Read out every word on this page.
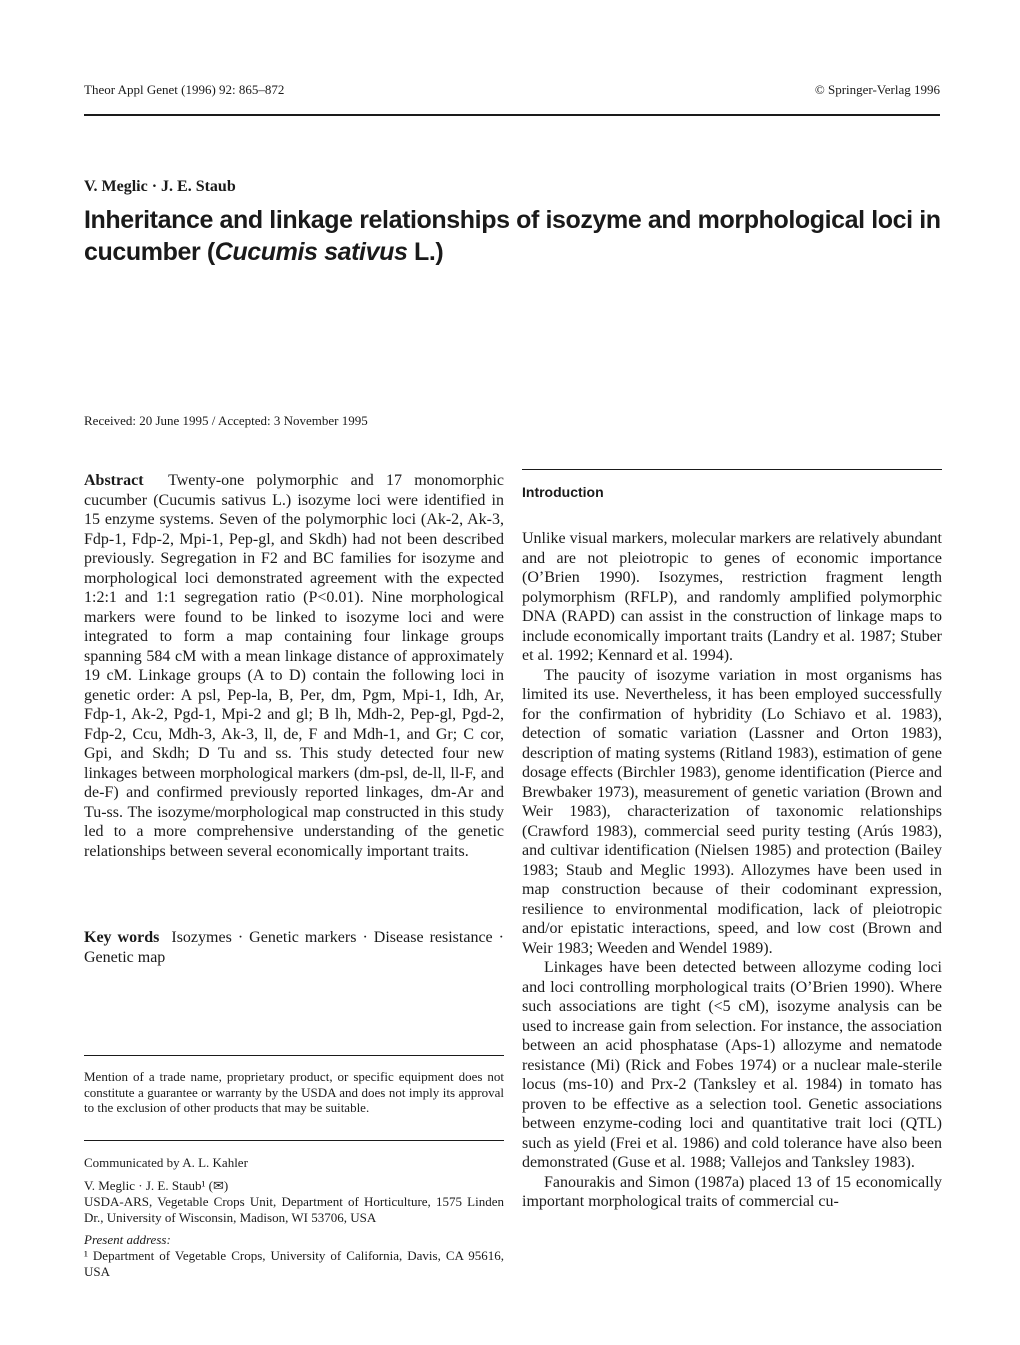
Theor Appl Genet (1996) 92: 865–872	© Springer-Verlag 1996
V. Meglic · J. E. Staub
Inheritance and linkage relationships of isozyme and morphological loci in cucumber (Cucumis sativus L.)
Received: 20 June 1995 / Accepted: 3 November 1995

Abstract Twenty-one polymorphic and 17 monomorphic cucumber (Cucumis sativus L.) isozyme loci were identified in 15 enzyme systems. Seven of the polymorphic loci (Ak-2, Ak-3, Fdp-1, Fdp-2, Mpi-1, Pep-gl, and Skdh) had not been described previously. Segregation in F2 and BC families for isozyme and morphological loci demonstrated agreement with the expected 1:2:1 and 1:1 segregation ratio (P<0.01). Nine morphological markers were found to be linked to isozyme loci and were integrated to form a map containing four linkage groups spanning 584 cM with a mean linkage distance of approximately 19 cM. Linkage groups (A to D) contain the following loci in genetic order: A psl, Pep-la, B, Per, dm, Pgm, Mpi-1, Idh, Ar, Fdp-1, Ak-2, Pgd-1, Mpi-2 and gl; B lh, Mdh-2, Pep-gl, Pgd-2, Fdp-2, Ccu, Mdh-3, Ak-3, ll, de, F and Mdh-1, and Gr; C cor, Gpi, and Skdh; D Tu and ss. This study detected four new linkages between morphological markers (dm-psl, de-ll, ll-F, and de-F) and confirmed previously reported linkages, dm-Ar and Tu-ss. The isozyme/morphological map constructed in this study led to a more comprehensive understanding of the genetic relationships between several economically important traits.

Key words Isozymes · Genetic markers · Disease resistance · Genetic map

Mention of a trade name, proprietary product, or specific equipment does not constitute a guarantee or warranty by the USDA and does not imply its approval to the exclusion of other products that may be suitable.
Communicated by A. L. Kahler
V. Meglic · J. E. Staub¹ (✉)
USDA-ARS, Vegetable Crops Unit, Department of Horticulture, 1575 Linden Dr., University of Wisconsin, Madison, WI 53706, USA
Present address:
¹ Department of Vegetable Crops, University of California, Davis, CA 95616, USA
Introduction

Unlike visual markers, molecular markers are relatively abundant and are not pleiotropic to genes of economic importance (O’Brien 1990). Isozymes, restriction fragment length polymorphism (RFLP), and randomly amplified polymorphic DNA (RAPD) can assist in the construction of linkage maps to include economically important traits (Landry et al. 1987; Stuber et al. 1992; Kennard et al. 1994).

The paucity of isozyme variation in most organisms has limited its use. Nevertheless, it has been employed successfully for the confirmation of hybridity (Lo Schiavo et al. 1983), detection of somatic variation (Lassner and Orton 1983), description of mating systems (Ritland 1983), estimation of gene dosage effects (Birchler 1983), genome identification (Pierce and Brewbaker 1973), measurement of genetic variation (Brown and Weir 1983), characterization of taxonomic relationships (Crawford 1983), commercial seed purity testing (Arús 1983), and cultivar identification (Nielsen 1985) and protection (Bailey 1983; Staub and Meglic 1993). Allozymes have been used in map construction because of their codominant expression, resilience to environmental modification, lack of pleiotropic and/or epistatic interactions, speed, and low cost (Brown and Weir 1983; Weeden and Wendel 1989).

Linkages have been detected between allozyme coding loci and loci controlling morphological traits (O’Brien 1990). Where such associations are tight (<5 cM), isozyme analysis can be used to increase gain from selection. For instance, the association between an acid phosphatase (Aps-1) allozyme and nematode resistance (Mi) (Rick and Fobes 1974) or a nuclear male-sterile locus (ms-10) and Prx-2 (Tanksley et al. 1984) in tomato has proven to be effective as a selection tool. Genetic associations between enzyme-coding loci and quantitative trait loci (QTL) such as yield (Frei et al. 1986) and cold tolerance have also been demonstrated (Guse et al. 1988; Vallejos and Tanksley 1983).

Fanourakis and Simon (1987a) placed 13 of 15 economically important morphological traits of commercial cu-
